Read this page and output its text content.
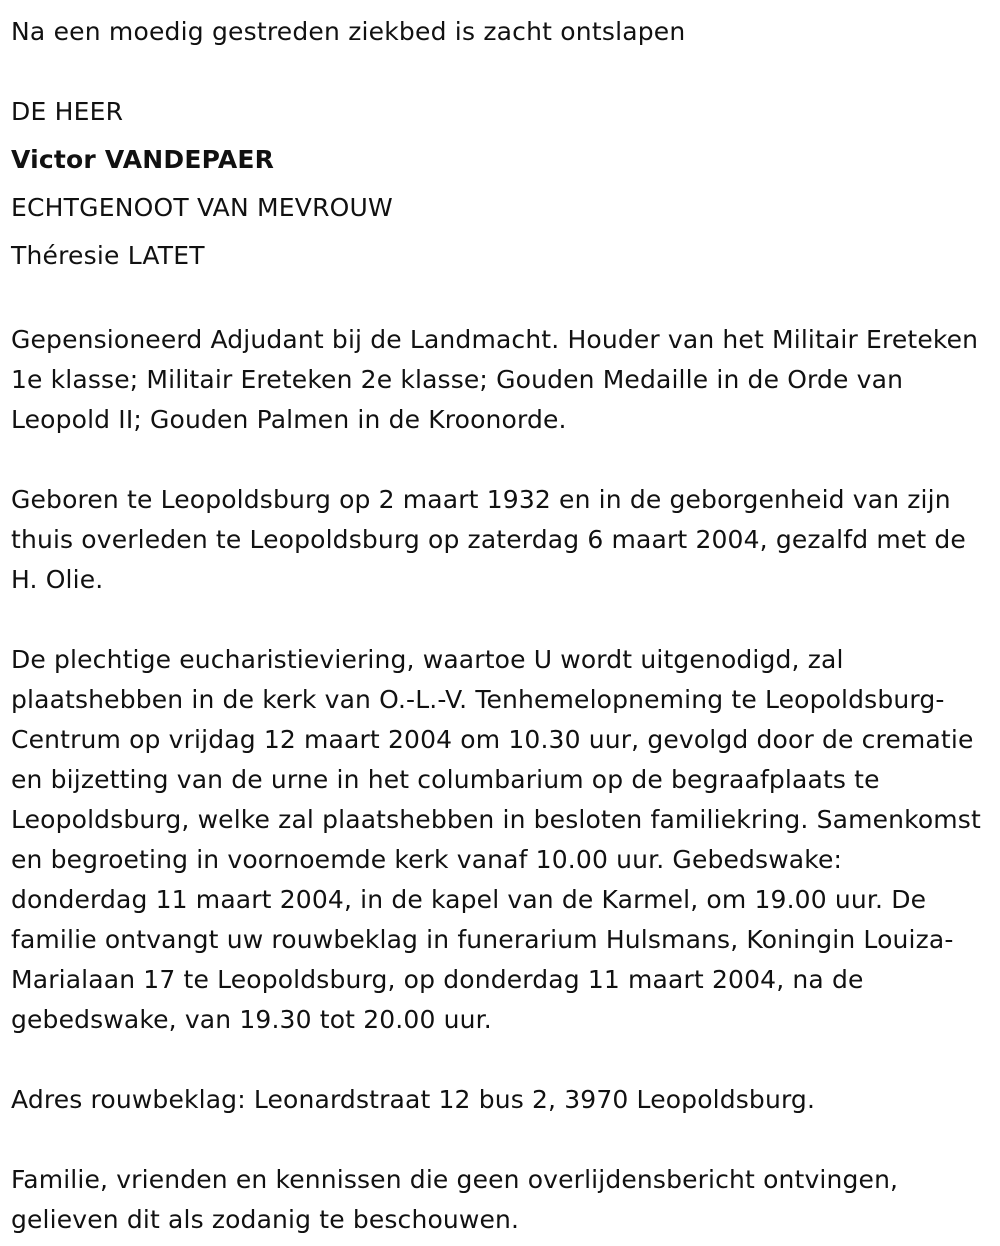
Na een moedig gestreden ziekbed is zacht ontslapen
DE HEER
Victor VANDEPAER
ECHTGENOOT VAN MEVROUW
Théresie LATET

Gepensioneerd Adjudant bij de Landmacht. Houder van het Militair Ereteken 1e klasse; Militair Ereteken 2e klasse; Gouden Medaille in de Orde van Leopold II; Gouden Palmen in de Kroonorde.

Geboren te Leopoldsburg op 2 maart 1932 en in de geborgenheid van zijn thuis overleden te Leopoldsburg op zaterdag 6 maart 2004, gezalfd met de H. Olie.

De plechtige eucharistieviering, waartoe U wordt uitgenodigd, zal plaatshebben in de kerk van O.-L.-V. Tenhemelopneming te Leopoldsburg-Centrum op vrijdag 12 maart 2004 om 10.30 uur, gevolgd door de crematie en bijzetting van de urne in het columbarium op de begraafplaats te Leopoldsburg, welke zal plaatshebben in besloten familiekring. Samenkomst en begroeting in voornoemde kerk vanaf 10.00 uur. Gebedswake: donderdag 11 maart 2004, in de kapel van de Karmel, om 19.00 uur. De familie ontvangt uw rouwbeklag in funerarium Hulsmans, Koningin Louiza-Marialaan 17 te Leopoldsburg, op donderdag 11 maart 2004, na de gebedswake, van 19.30 tot 20.00 uur.

Adres rouwbeklag: Leonardstraat 12 bus 2, 3970 Leopoldsburg.

Familie, vrienden en kennissen die geen overlijdensbericht ontvingen, gelieven dit als zodanig te beschouwen.
